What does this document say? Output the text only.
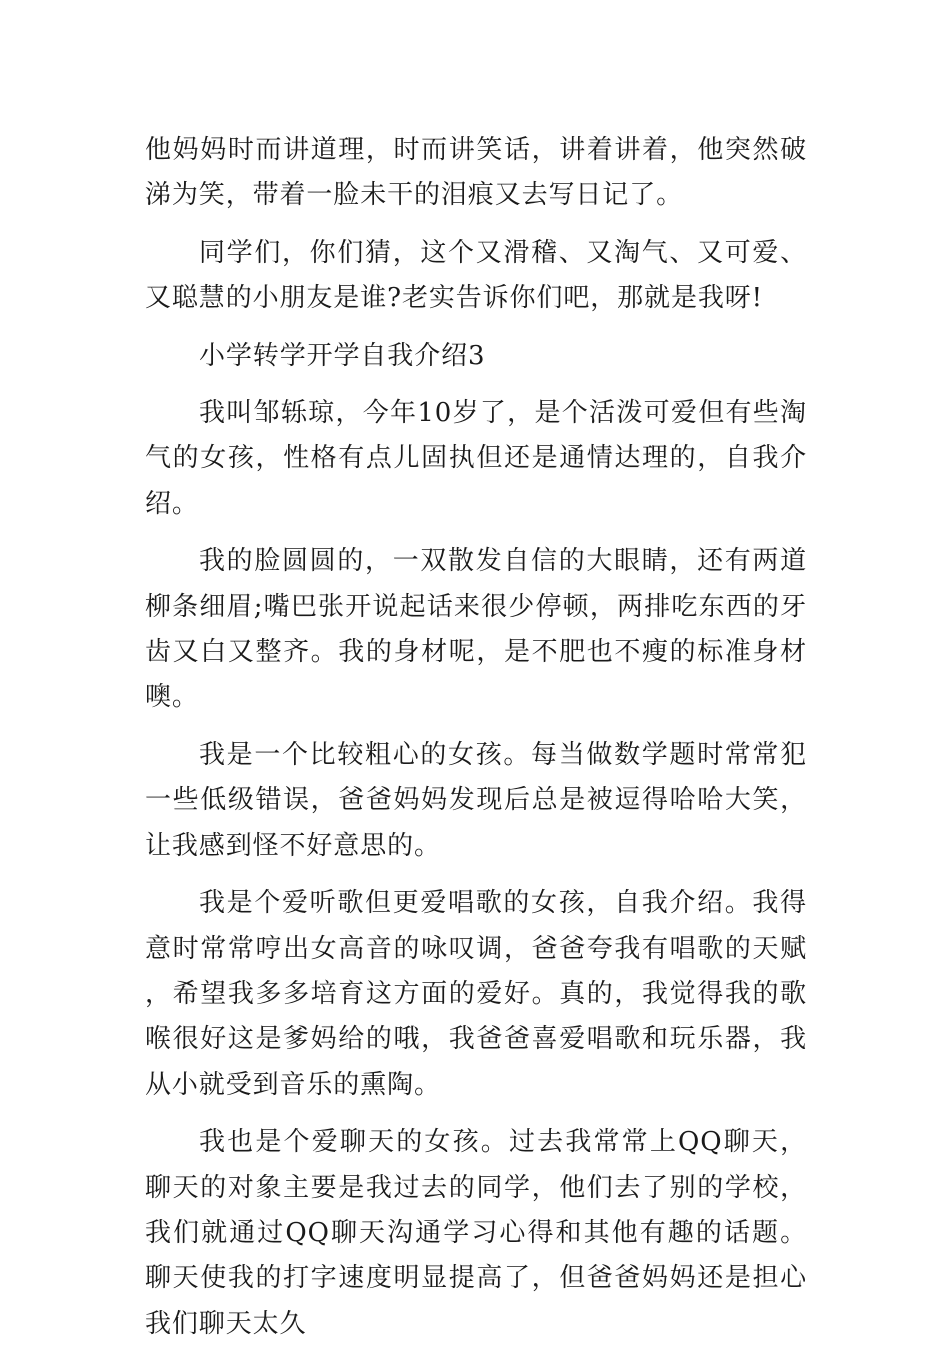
他妈妈时而讲道理，时而讲笑话，讲着讲着，他突然破涕为笑，带着一脸未干的泪痕又去写日记了。

同学们，你们猜，这个又滑稽、又淘气、又可爱、又聪慧的小朋友是谁?老实告诉你们吧，那就是我呀!

小学转学开学自我介绍3

我叫邹轹琼，今年10岁了，是个活泼可爱但有些淘气的女孩，性格有点儿固执但还是通情达理的，自我介绍。

我的脸圆圆的，一双散发自信的大眼睛，还有两道柳条细眉;嘴巴张开说起话来很少停顿，两排吃东西的牙齿又白又整齐。我的身材呢，是不肥也不瘦的标准身材噢。

我是一个比较粗心的女孩。每当做数学题时常常犯一些低级错误，爸爸妈妈发现后总是被逗得哈哈大笑，让我感到怪不好意思的。

我是个爱听歌但更爱唱歌的女孩，自我介绍。我得意时常常哼出女高音的咏叹调，爸爸夸我有唱歌的天赋，希望我多多培育这方面的爱好。真的，我觉得我的歌喉很好这是爹妈给的哦，我爸爸喜爱唱歌和玩乐器，我从小就受到音乐的熏陶。

我也是个爱聊天的女孩。过去我常常上QQ聊天，聊天的对象主要是我过去的同学，他们去了别的学校，我们就通过QQ聊天沟通学习心得和其他有趣的话题。聊天使我的打字速度明显提高了，但爸爸妈妈还是担心我们聊天太久
